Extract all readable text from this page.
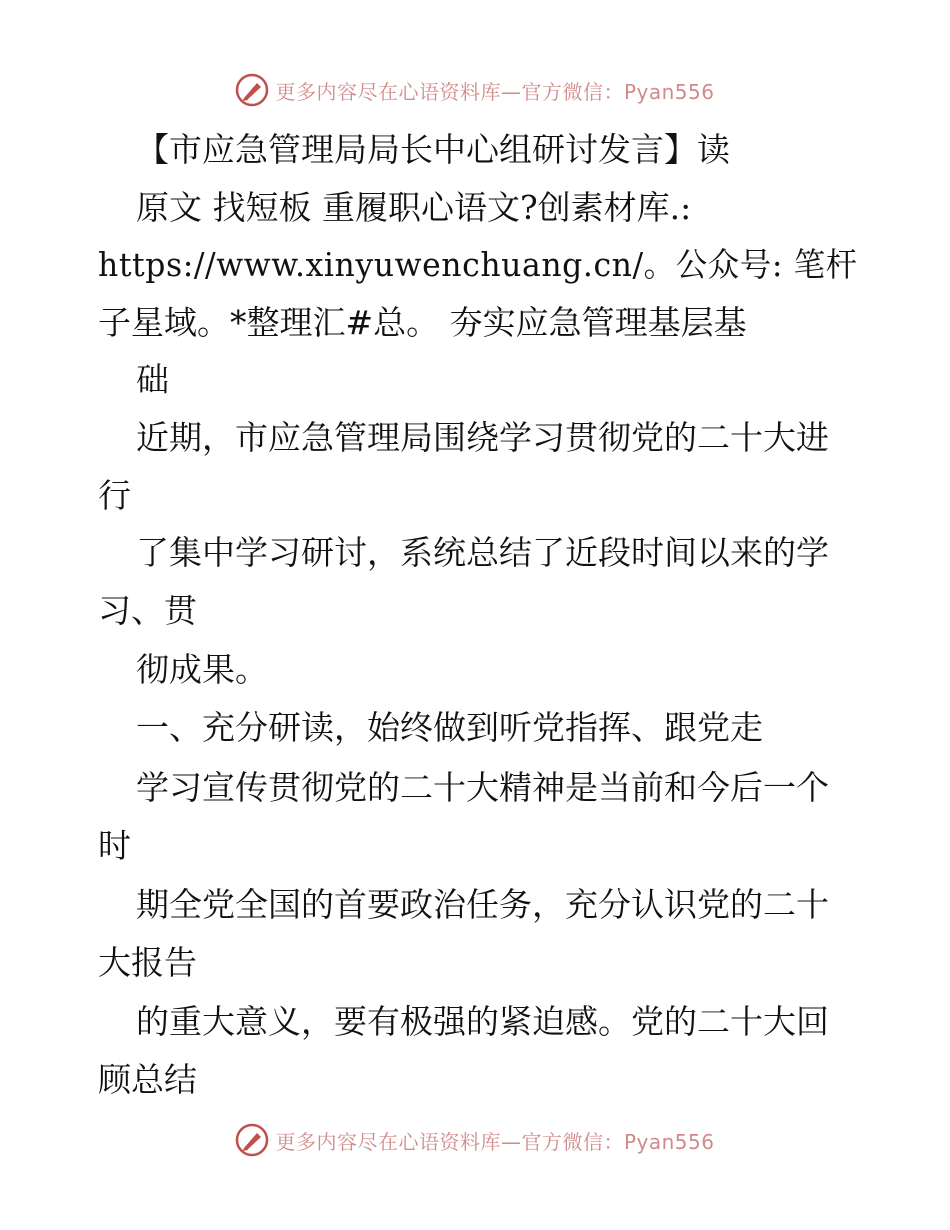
更多内容尽在心语资料库—官方微信：Pyan556
【市应急管理局局长中心组研讨发言】读
原文 找短板 重履职心语文?创素材库.:
https://www.xinyuwenchuang.cn/。公众号: 笔杆
子星域。*整理汇#总。 夯实应急管理基层基
础
近期，市应急管理局围绕学习贯彻党的二十大进
行
了集中学习研讨，系统总结了近段时间以来的学
习、贯
彻成果。
一、充分研读，始终做到听党指挥、跟党走
学习宣传贯彻党的二十大精神是当前和今后一个
时
期全党全国的首要政治任务，充分认识党的二十
大报告
的重大意义，要有极强的紧迫感。党的二十大回
顾总结
更多内容尽在心语资料库—官方微信：Pyan556
